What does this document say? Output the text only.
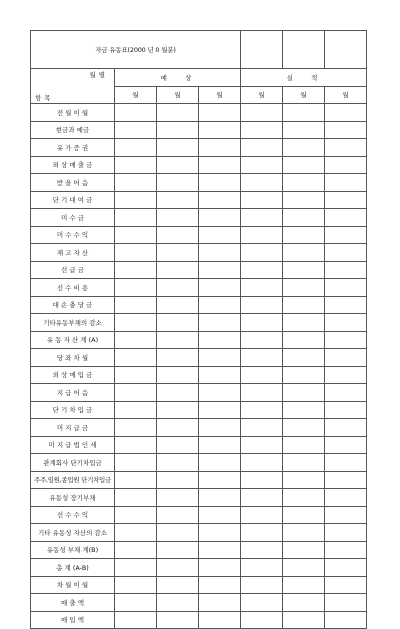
자금 유동표(2000 년 0 월분)						

월별
항목	예   상			실   적		
	월	월	월	월	월	월
전 월 이 월						
현금과 예금						
유 가 증 권						
외 상 매 출 금						
받 을 어 음						
단 기 대 여 금						
미 수 금						
미 수 수 익						
재 고 자 산						
선 급 금						
선 수 비 용						
대 손 충 당 금						
기타유동부채의 감소						
유 동 자 산 계 (A)						
당 좌 차 월						
외 상 매 입 금						
지 급 어 음						
단 기 차 입 금						
미 지 급 금						
미 지 급 법 인 세						
관계회사 단기차입금						
주주,임원,종업원 단기차입금						
유동성 장기부채						
선 수 수 익						
기타 유동성 자산의 감소						
유동성 부채 계(B)						
총 계 (A-B)						
차 월 이 월						
매 출 액						
매 입 액						
